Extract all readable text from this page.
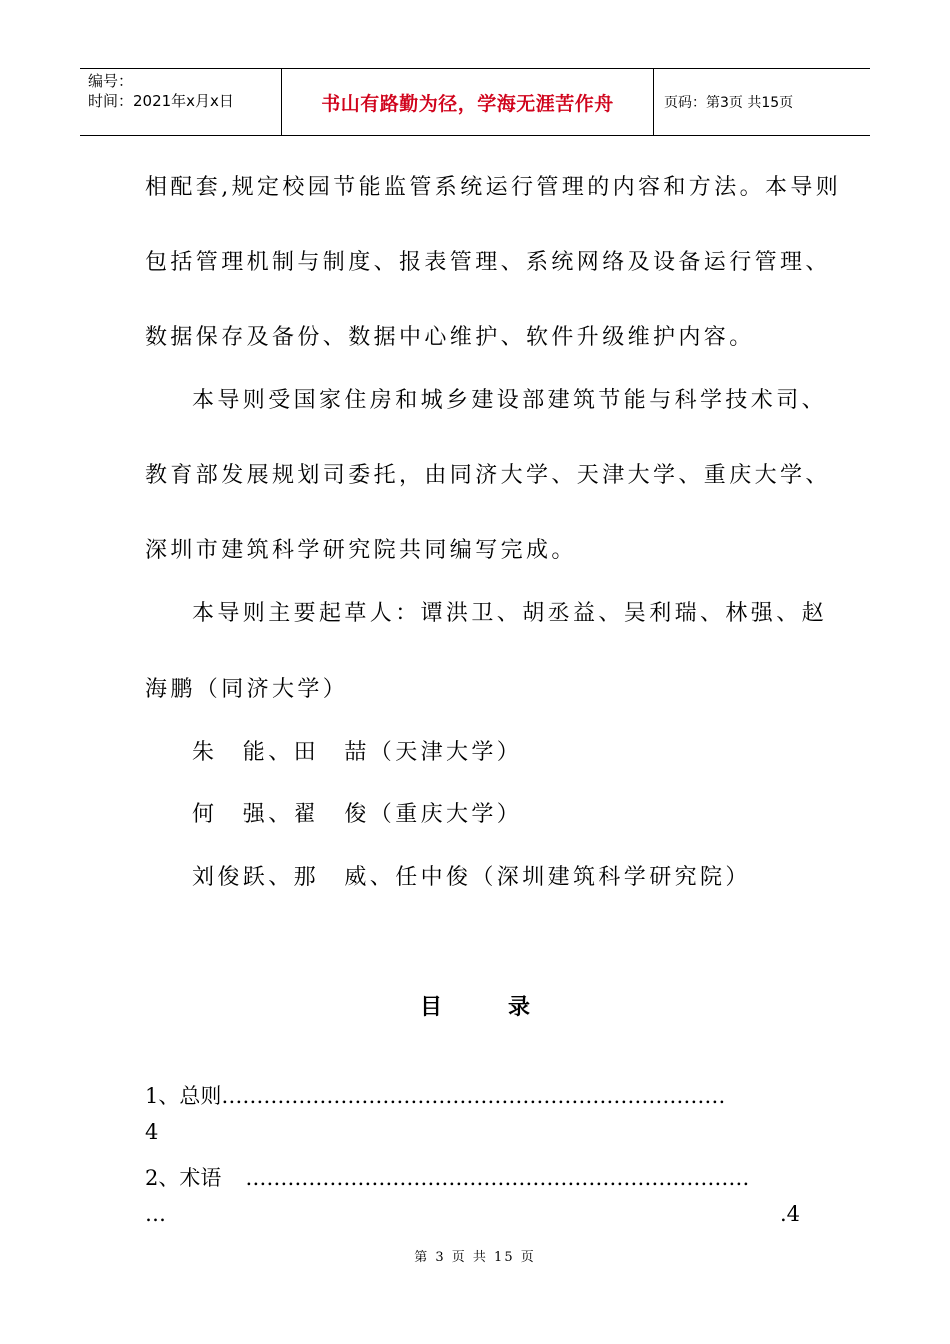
编号：
时间：2021年x月x日	书山有路勤为径，学海无涯苦作舟	页码：第3页 共15页
相配套,规定校园节能监管系统运行管理的内容和方法。本导则
包括管理机制与制度、报表管理、系统网络及设备运行管理、
数据保存及备份、数据中心维护、软件升级维护内容。
本导则受国家住房和城乡建设部建筑节能与科学技术司、
教育部发展规划司委托，由同济大学、天津大学、重庆大学、
深圳市建筑科学研究院共同编写完成。
本导则主要起草人：谭洪卫、胡丞益、吴利瑞、林强、赵
海鹏（同济大学）
朱　能、田　喆（天津大学）
何　强、翟　俊（重庆大学）
刘俊跃、那　威、任中俊（深圳建筑科学研究院）
目	录
1、总则………………………………………………………………
4
2、术语 ………………………………………………………………
…	.4
第 3 页 共 15 页
